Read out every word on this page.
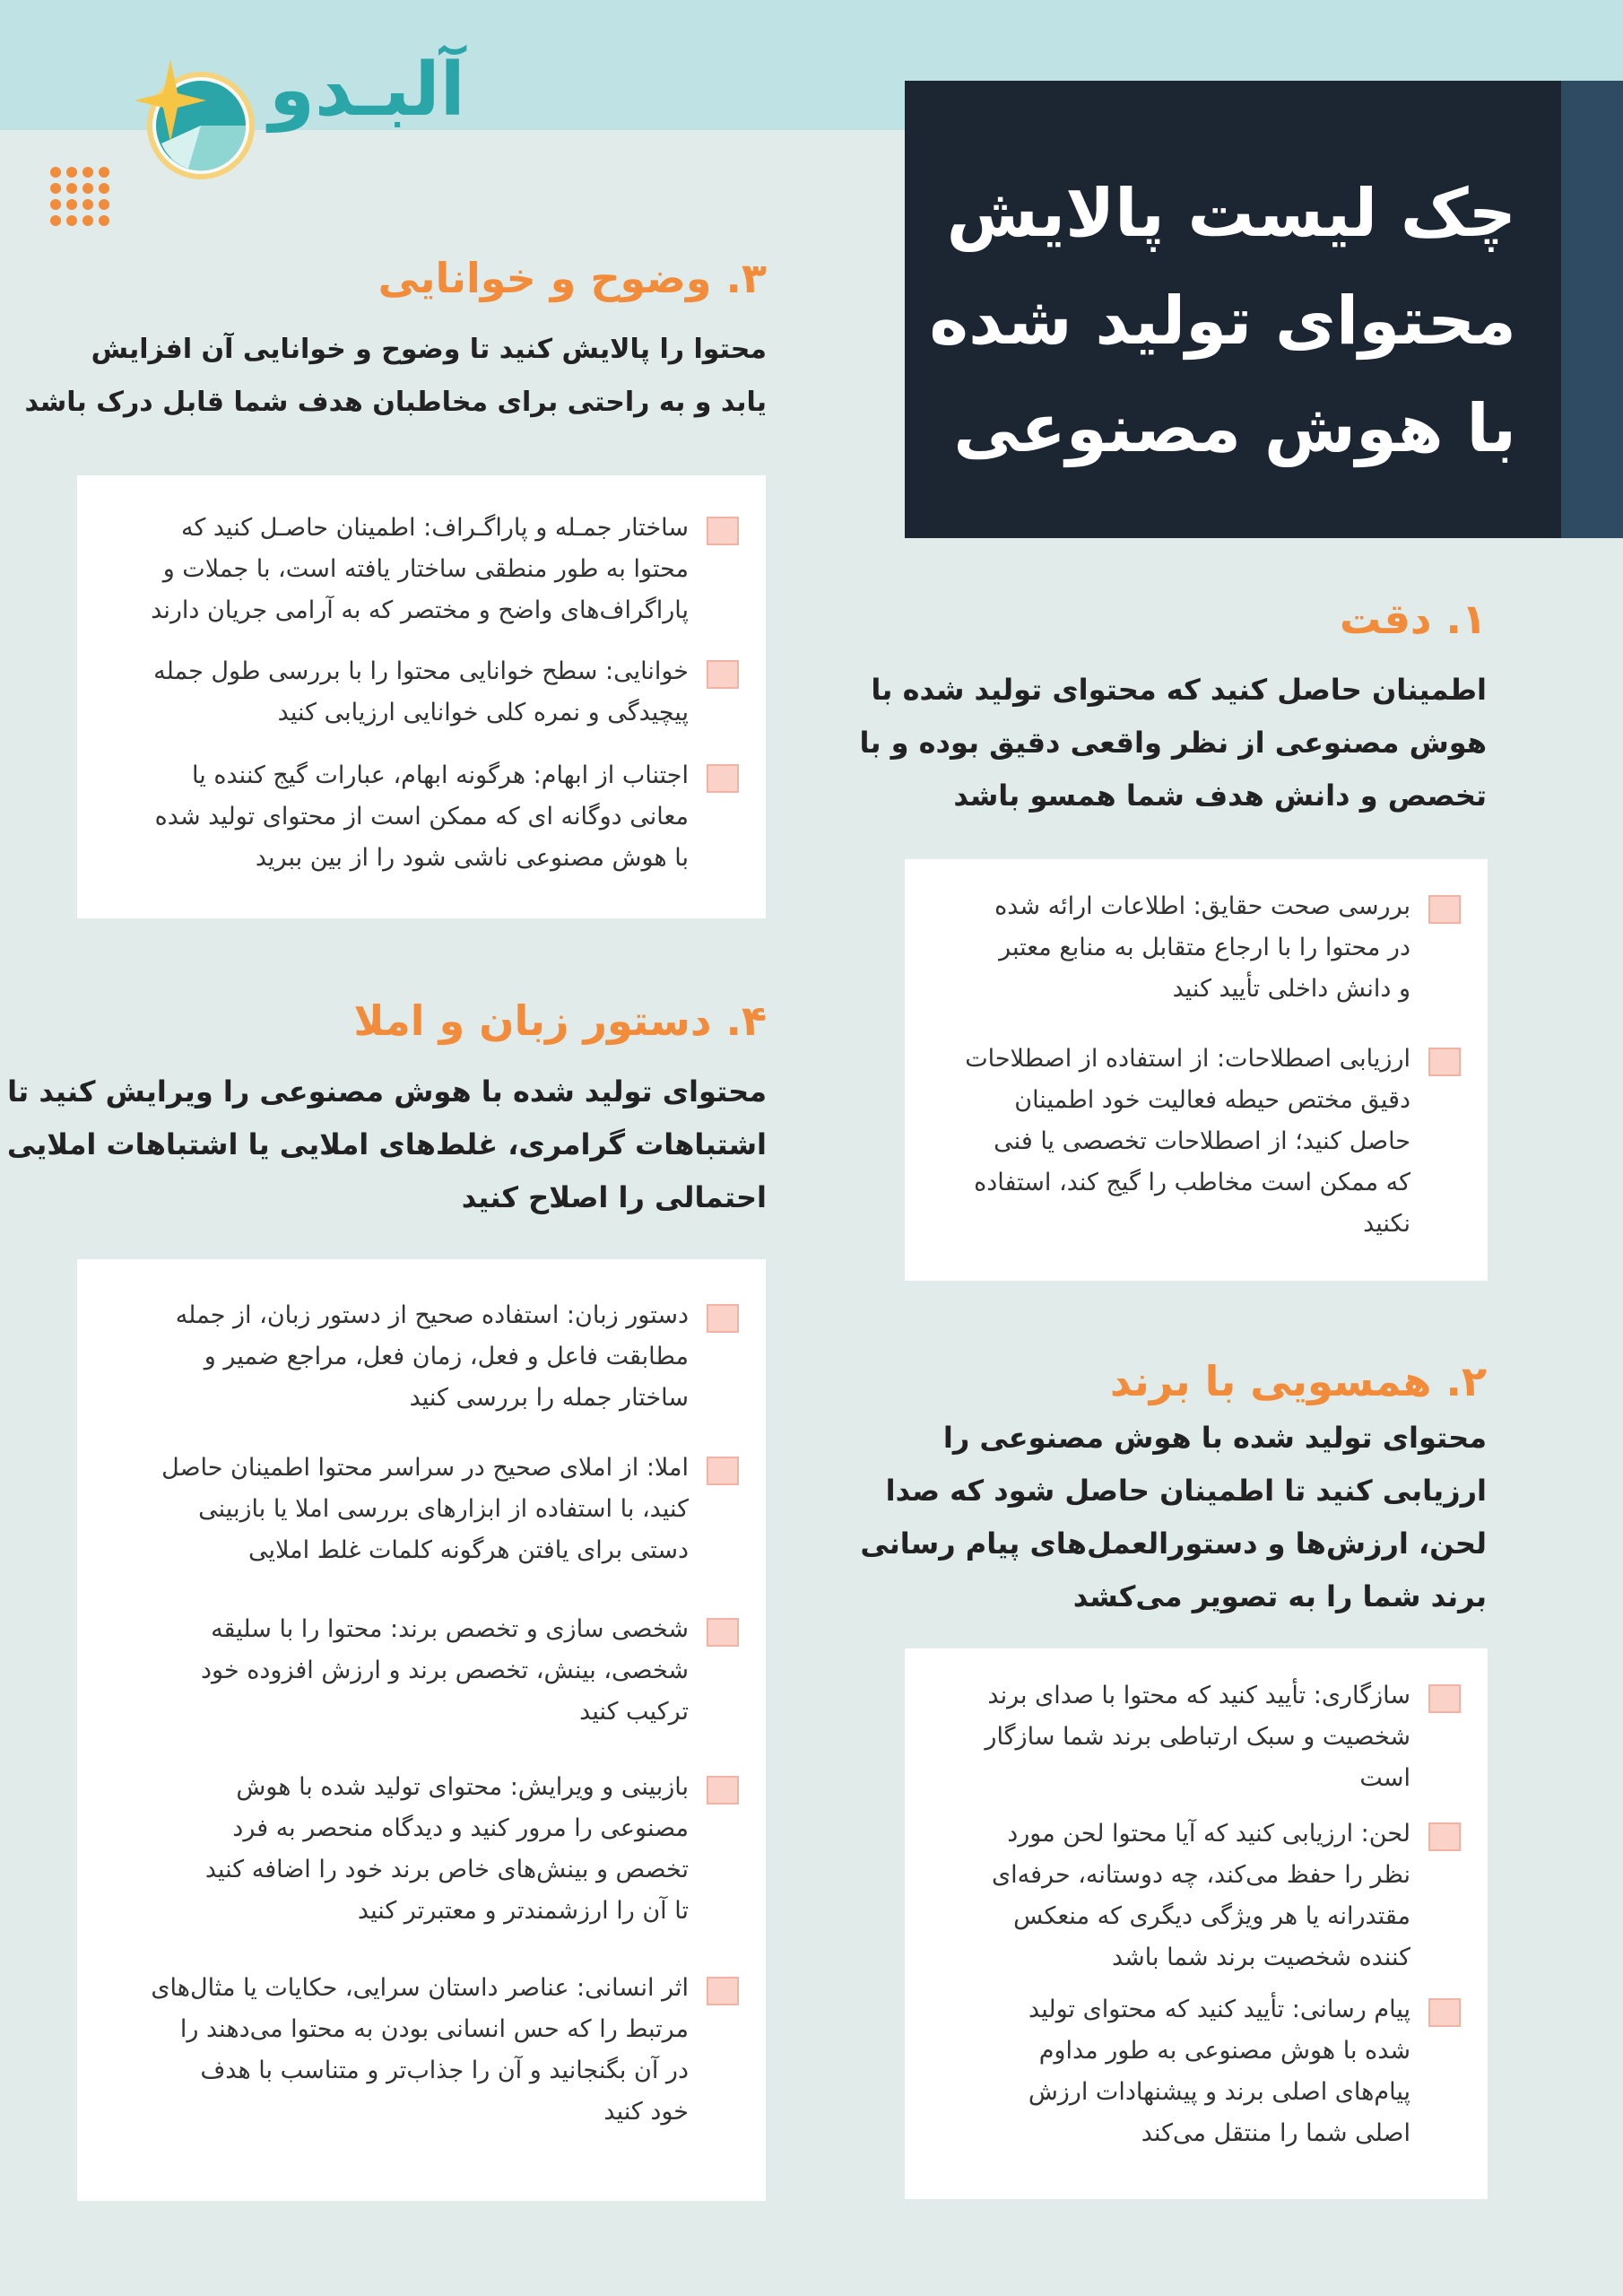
آلبـدو
چک لیست پالایش
محتوای تولید شده
با هوش مصنوعی
۱. دقت
اطمینان حاصل کنید که محتوای تولید شده با
هوش مصنوعی از نظر واقعی دقیق بوده و با
تخصص و دانش هدف شما همسو باشد
بررسی صحت حقایق: اطلاعات ارائه شده
در محتوا را با ارجاع متقابل به منابع معتبر
و دانش داخلی تأیید کنید
ارزیابی اصطلاحات: از استفاده از اصطلاحات
دقیق مختص حیطه فعالیت خود اطمینان
حاصل کنید؛ از اصطلاحات تخصصی یا فنی
که ممکن است مخاطب را گیج کند، استفاده
نکنید
۲. همسویی با برند
محتوای تولید شده با هوش مصنوعی را
ارزیابی کنید تا اطمینان حاصل شود که صدا
لحن، ارزش‌ها و دستورالعمل‌های پیام رسانی
برند شما را به تصویر می‌کشد
سازگاری: تأیید کنید که محتوا با صدای برند
شخصیت و سبک ارتباطی برند شما سازگار
است
لحن: ارزیابی کنید که آیا محتوا لحن مورد
نظر را حفظ می‌کند، چه دوستانه، حرفه‌ای
مقتدرانه یا هر ویژگی دیگری که منعکس
کننده شخصیت برند شما باشد
پیام رسانی: تأیید کنید که محتوای تولید
شده با هوش مصنوعی به طور مداوم
پیام‌های اصلی برند و پیشنهادات ارزش
اصلی شما را منتقل می‌کند
۳. وضوح و خوانایی
محتوا را پالایش کنید تا وضوح و خوانایی آن افزایش
یابد و به راحتی برای مخاطبان هدف شما قابل درک باشد
ساختار جمـله و پاراگـراف: اطمینان حاصـل کنید که
محتوا به طور منطقی ساختار یافته است، با جملات و
پاراگراف‌های واضح و مختصر که به آرامی جریان دارند
خوانایی: سطح خوانایی محتوا را با بررسی طول جمله
پیچیدگی و نمره کلی خوانایی ارزیابی کنید
اجتناب از ابهام: هرگونه ابهام، عبارات گیج کننده یا
معانی دوگانه ای که ممکن است از محتوای تولید شده
با هوش مصنوعی ناشی شود را از بین ببرید
۴. دستور زبان و املا
محتوای تولید شده با هوش مصنوعی را ویرایش کنید تا
اشتباهات گرامری، غلط‌های املایی یا اشتباهات املایی
احتمالی را اصلاح کنید
دستور زبان: استفاده صحیح از دستور زبان، از جمله
مطابقت فاعل و فعل، زمان فعل، مراجع ضمیر و
ساختار جمله را بررسی کنید
املا: از املای صحیح در سراسر محتوا اطمینان حاصل
کنید، با استفاده از ابزارهای بررسی املا یا بازبینی
دستی برای یافتن هرگونه کلمات غلط املایی
شخصی سازی و تخصص برند: محتوا را با سلیقه
شخصی، بینش، تخصص برند و ارزش افزوده خود
ترکیب کنید
بازبینی و ویرایش: محتوای تولید شده با هوش
مصنوعی را مرور کنید و دیدگاه منحصر به فرد
تخصص و بینش‌های خاص برند خود را اضافه کنید
تا آن را ارزشمندتر و معتبرتر کنید
اثر انسانی: عناصر داستان سرایی، حکایات یا مثال‌های
مرتبط را که حس انسانی بودن به محتوا می‌دهند را
در آن بگنجانید و آن را جذاب‌تر و متناسب با هدف
خود کنید
